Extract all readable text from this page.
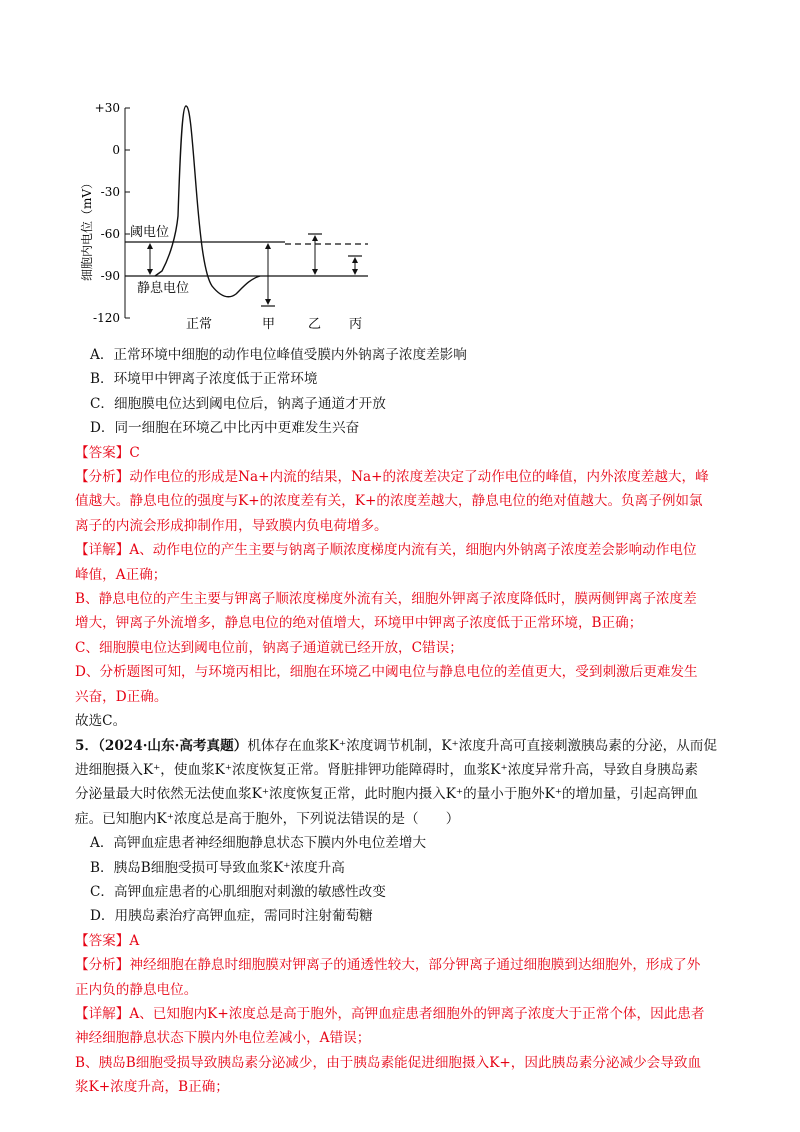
+30
0
-30
-60
-90
-120
细胞内电位（mV）	阈电位
静息电位
正常	甲	乙 丙

A．正常环境中细胞的动作电位峰值受膜内外钠离子浓度差影响

B．环境甲中钾离子浓度低于正常环境

C．细胞膜电位达到阈电位后，钠离子通道才开放

D．同一细胞在环境乙中比丙中更难发生兴奋

【答案】C

【分析】动作电位的形成是Na+内流的结果，Na+的浓度差决定了动作电位的峰值，内外浓度差越大，峰

值越大。静息电位的强度与K+的浓度差有关，K+的浓度差越大，静息电位的绝对值越大。负离子例如氯

离子的内流会形成抑制作用，导致膜内负电荷增多。

【详解】A、动作电位的产生主要与钠离子顺浓度梯度内流有关，细胞内外钠离子浓度差会影响动作电位

峰值，A正确；

B、静息电位的产生主要与钾离子顺浓度梯度外流有关，细胞外钾离子浓度降低时，膜两侧钾离子浓度差

增大，钾离子外流增多，静息电位的绝对值增大，环境甲中钾离子浓度低于正常环境，B正确；

C、细胞膜电位达到阈电位前，钠离子通道就已经开放，C错误；

D、分析题图可知，与环境丙相比，细胞在环境乙中阈电位与静息电位的差值更大，受到刺激后更难发生

兴奋，D正确。

故选C。

5．（2024·山东·高考真题）机体存在血浆K⁺浓度调节机制，K⁺浓度升高可直接刺激胰岛素的分泌，从而促

进细胞摄入K⁺，使血浆K⁺浓度恢复正常。肾脏排钾功能障碍时，血浆K⁺浓度异常升高，导致自身胰岛素

分泌量最大时依然无法使血浆K⁺浓度恢复正常，此时胞内摄入K⁺的量小于胞外K⁺的增加量，引起高钾血

症。已知胞内K⁺浓度总是高于胞外，下列说法错误的是（　　）

A．高钾血症患者神经细胞静息状态下膜内外电位差增大

B．胰岛B细胞受损可导致血浆K⁺浓度升高

C．高钾血症患者的心肌细胞对刺激的敏感性改变

D．用胰岛素治疗高钾血症，需同时注射葡萄糖

【答案】A

【分析】神经细胞在静息时细胞膜对钾离子的通透性较大，部分钾离子通过细胞膜到达细胞外，形成了外

正内负的静息电位。

【详解】A、已知胞内K+浓度总是高于胞外，高钾血症患者细胞外的钾离子浓度大于正常个体，因此患者

神经细胞静息状态下膜内外电位差减小，A错误；

B、胰岛B细胞受损导致胰岛素分泌减少，由于胰岛素能促进细胞摄入K+，因此胰岛素分泌减少会导致血

浆K+浓度升高，B正确；
